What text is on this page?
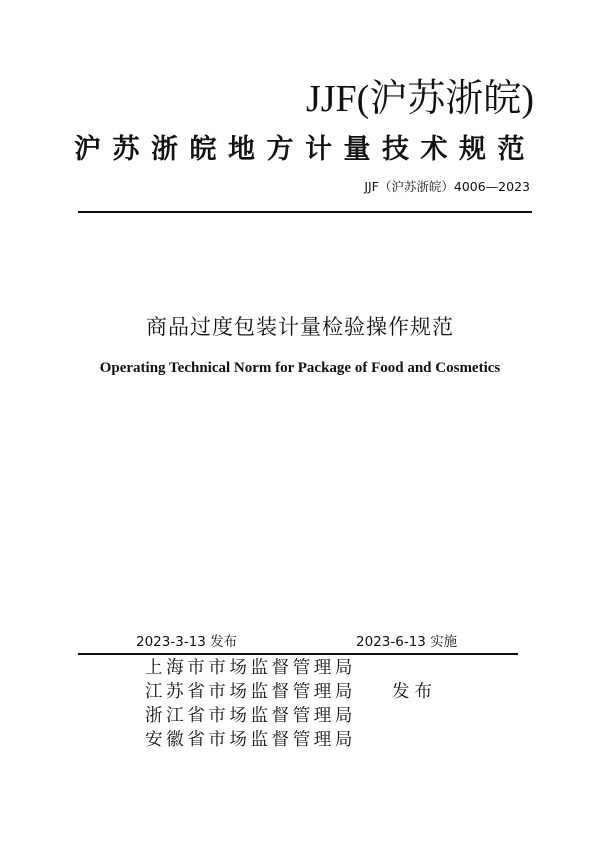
JJF(沪苏浙皖)
沪苏浙皖地方计量技术规范
JJF（沪苏浙皖）4006—2023
商品过度包装计量检验操作规范
Operating Technical Norm for Package of Food and Cosmetics
2023-3-13 发布	2023-6-13 实施
上海市市场监督管理局
江苏省市场监督管理局
浙江省市场监督管理局
安徽省市场监督管理局
发布
